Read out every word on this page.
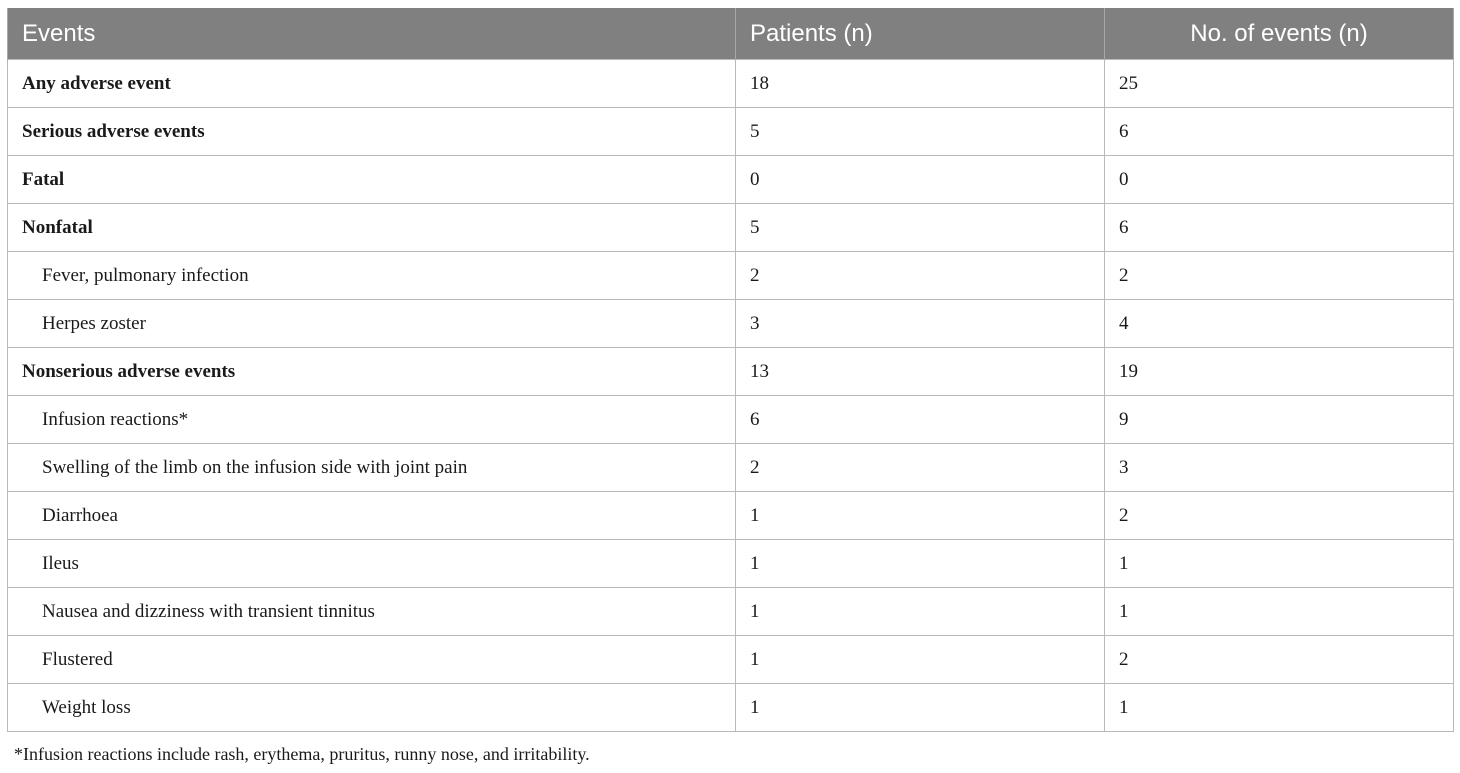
Events	Patients (n)	No. of events (n)
Any adverse event	18	25
Serious adverse events	5	6
Fatal	0	0
Nonfatal	5	6
Fever, pulmonary infection	2	2
Herpes zoster	3	4
Nonserious adverse events	13	19
Infusion reactions*	6	9
Swelling of the limb on the infusion side with joint pain	2	3
Diarrhoea	1	2
Ileus	1	1
Nausea and dizziness with transient tinnitus	1	1
Flustered	1	2
Weight loss	1	1
*Infusion reactions include rash, erythema, pruritus, runny nose, and irritability.
